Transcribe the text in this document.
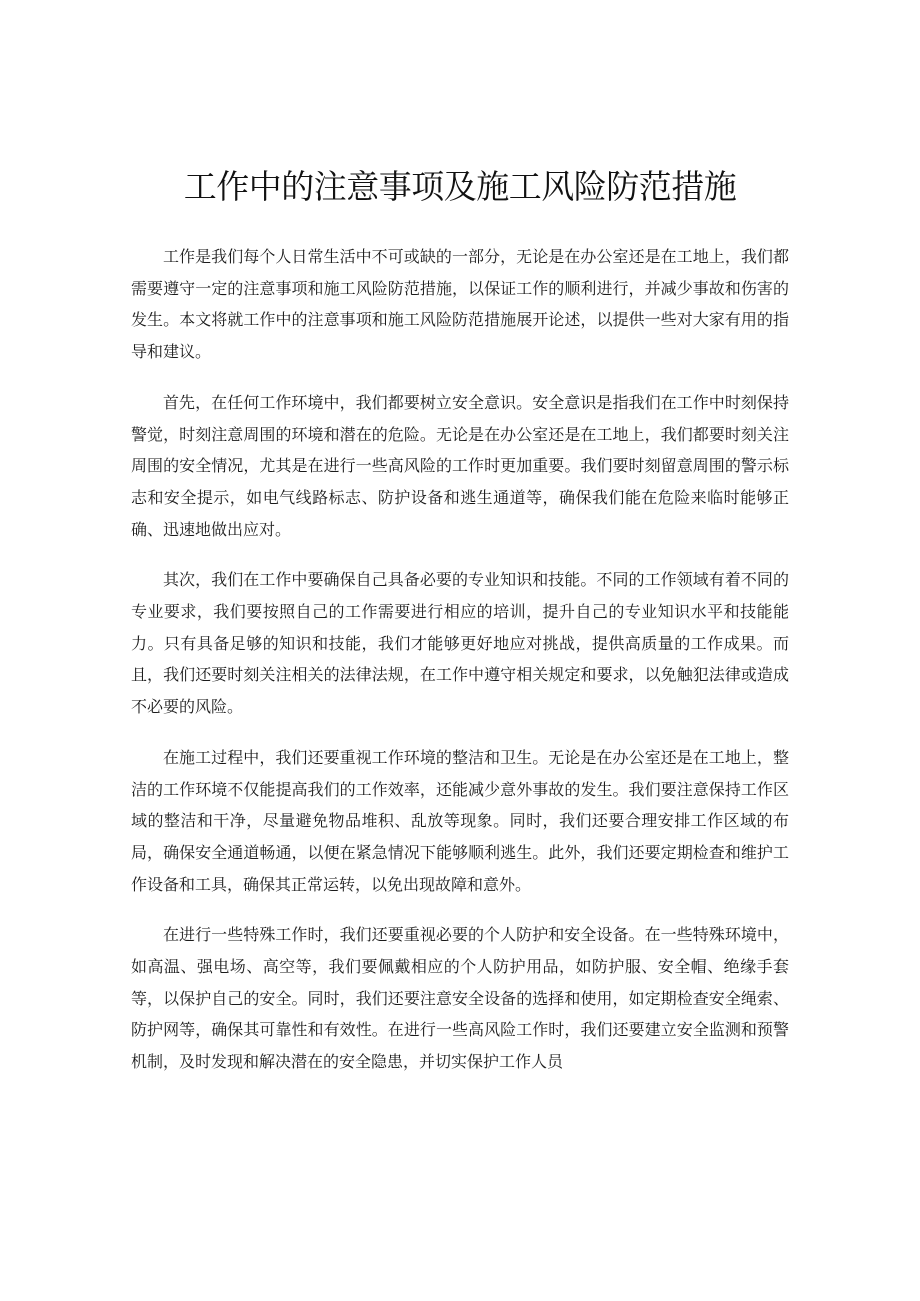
工作中的注意事项及施工风险防范措施

工作是我们每个人日常生活中不可或缺的一部分，无论是在办公室还是在工地上，我们都需要遵守一定的注意事项和施工风险防范措施，以保证工作的顺利进行，并减少事故和伤害的发生。本文将就工作中的注意事项和施工风险防范措施展开论述，以提供一些对大家有用的指导和建议。

首先，在任何工作环境中，我们都要树立安全意识。安全意识是指我们在工作中时刻保持警觉，时刻注意周围的环境和潜在的危险。无论是在办公室还是在工地上，我们都要时刻关注周围的安全情况，尤其是在进行一些高风险的工作时更加重要。我们要时刻留意周围的警示标志和安全提示，如电气线路标志、防护设备和逃生通道等，确保我们能在危险来临时能够正确、迅速地做出应对。

其次，我们在工作中要确保自己具备必要的专业知识和技能。不同的工作领域有着不同的专业要求，我们要按照自己的工作需要进行相应的培训，提升自己的专业知识水平和技能能力。只有具备足够的知识和技能，我们才能够更好地应对挑战，提供高质量的工作成果。而且，我们还要时刻关注相关的法律法规，在工作中遵守相关规定和要求，以免触犯法律或造成不必要的风险。

在施工过程中，我们还要重视工作环境的整洁和卫生。无论是在办公室还是在工地上，整洁的工作环境不仅能提高我们的工作效率，还能减少意外事故的发生。我们要注意保持工作区域的整洁和干净，尽量避免物品堆积、乱放等现象。同时，我们还要合理安排工作区域的布局，确保安全通道畅通，以便在紧急情况下能够顺利逃生。此外，我们还要定期检查和维护工作设备和工具，确保其正常运转，以免出现故障和意外。

在进行一些特殊工作时，我们还要重视必要的个人防护和安全设备。在一些特殊环境中，如高温、强电场、高空等，我们要佩戴相应的个人防护用品，如防护服、安全帽、绝缘手套等，以保护自己的安全。同时，我们还要注意安全设备的选择和使用，如定期检查安全绳索、防护网等，确保其可靠性和有效性。在进行一些高风险工作时，我们还要建立安全监测和预警机制，及时发现和解决潜在的安全隐患，并切实保护工作人员
